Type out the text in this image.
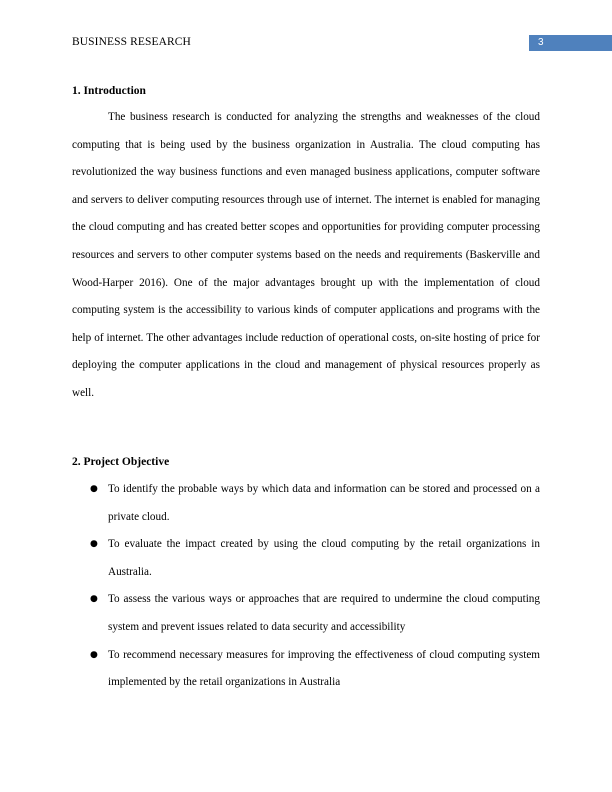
BUSINESS RESEARCH	3
1. Introduction

The business research is conducted for analyzing the strengths and weaknesses of the cloud computing that is being used by the business organization in Australia. The cloud computing has revolutionized the way business functions and even managed business applications, computer software and servers to deliver computing resources through use of internet. The internet is enabled for managing the cloud computing and has created better scopes and opportunities for providing computer processing resources and servers to other computer systems based on the needs and requirements (Baskerville and Wood-Harper 2016). One of the major advantages brought up with the implementation of cloud computing system is the accessibility to various kinds of computer applications and programs with the help of internet. The other advantages include reduction of operational costs, on-site hosting of price for deploying the computer applications in the cloud and management of physical resources properly as well.

2. Project Objective
● To identify the probable ways by which data and information can be stored and processed on a private cloud.
● To evaluate the impact created by using the cloud computing by the retail organizations in Australia.
● To assess the various ways or approaches that are required to undermine the cloud computing system and prevent issues related to data security and accessibility
● To recommend necessary measures for improving the effectiveness of cloud computing system implemented by the retail organizations in Australia
